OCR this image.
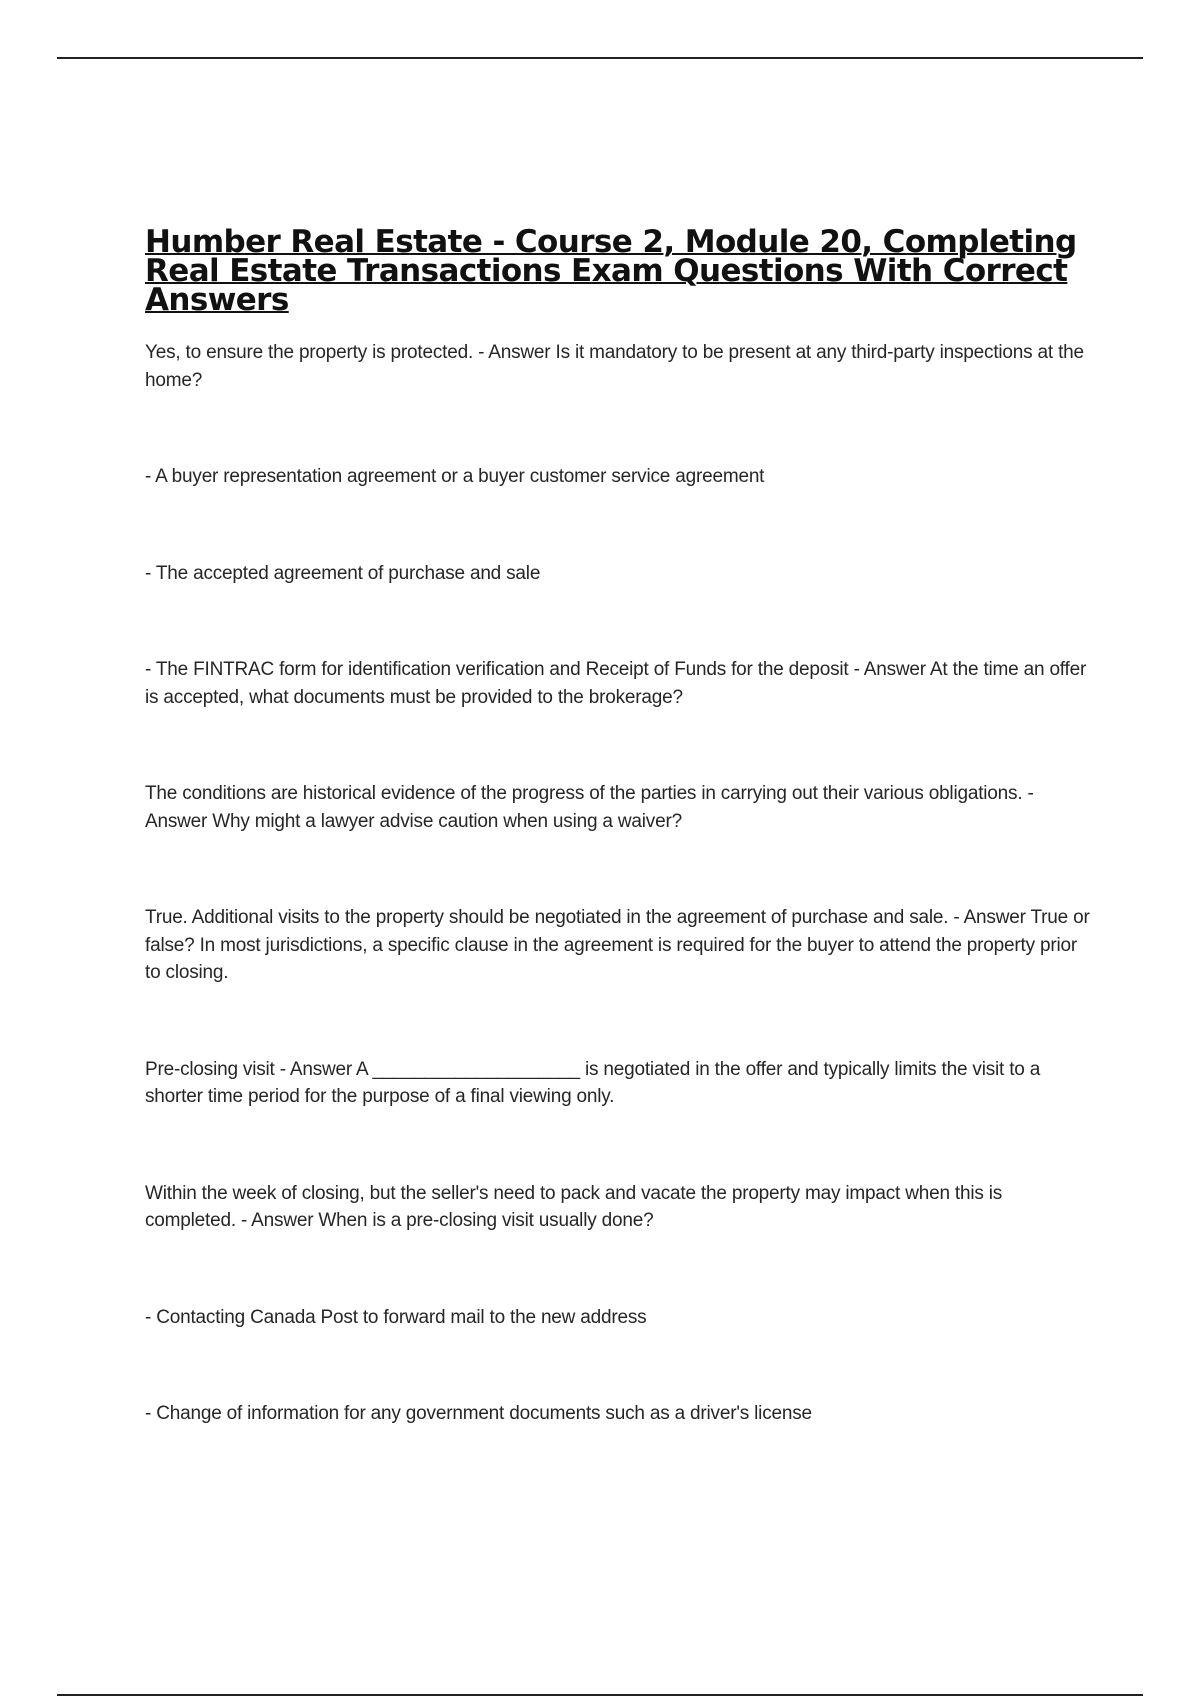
Humber Real Estate - Course 2, Module 20, Completing Real Estate Transactions Exam Questions With Correct Answers

Yes, to ensure the property is protected. - Answer Is it mandatory to be present at any third-party inspections at the home?

- A buyer representation agreement or a buyer customer service agreement

- The accepted agreement of purchase and sale

- The FINTRAC form for identification verification and Receipt of Funds for the deposit - Answer At the time an offer is accepted, what documents must be provided to the brokerage?

The conditions are historical evidence of the progress of the parties in carrying out their various obligations. - Answer Why might a lawyer advise caution when using a waiver?

True. Additional visits to the property should be negotiated in the agreement of purchase and sale. - Answer True or false? In most jurisdictions, a specific clause in the agreement is required for the buyer to attend the property prior to closing.

Pre-closing visit - Answer A ____________________ is negotiated in the offer and typically limits the visit to a shorter time period for the purpose of a final viewing only.

Within the week of closing, but the seller's need to pack and vacate the property may impact when this is completed. - Answer When is a pre-closing visit usually done?

- Contacting Canada Post to forward mail to the new address

- Change of information for any government documents such as a driver's license
